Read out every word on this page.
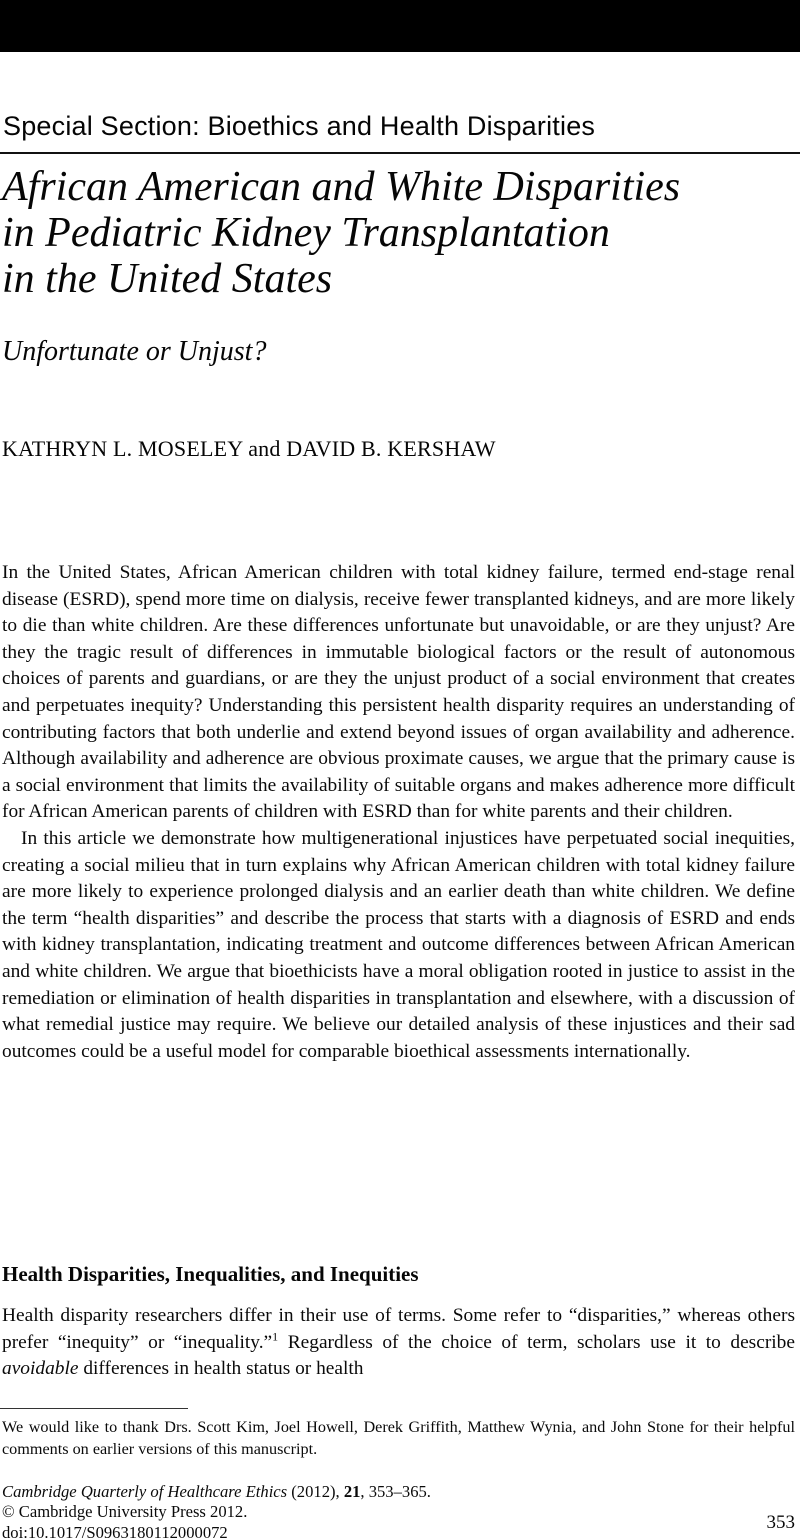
Special Section: Bioethics and Health Disparities
African American and White Disparities
in Pediatric Kidney Transplantation
in the United States
Unfortunate or Unjust?
KATHRYN L. MOSELEY and DAVID B. KERSHAW

In the United States, African American children with total kidney failure, termed end-stage renal disease (ESRD), spend more time on dialysis, receive fewer transplanted kidneys, and are more likely to die than white children. Are these differences unfortunate but unavoidable, or are they unjust? Are they the tragic result of differences in immutable biological factors or the result of autonomous choices of parents and guardians, or are they the unjust product of a social environment that creates and perpetuates inequity? Understanding this persistent health disparity requires an understanding of contributing factors that both underlie and extend beyond issues of organ availability and adherence. Although availability and adherence are obvious proximate causes, we argue that the primary cause is a social environment that limits the availability of suitable organs and makes adherence more difficult for African American parents of children with ESRD than for white parents and their children.

In this article we demonstrate how multigenerational injustices have perpetuated social inequities, creating a social milieu that in turn explains why African American children with total kidney failure are more likely to experience prolonged dialysis and an earlier death than white children. We define the term “health disparities” and describe the process that starts with a diagnosis of ESRD and ends with kidney transplantation, indicating treatment and outcome differences between African American and white children. We argue that bioethicists have a moral obligation rooted in justice to assist in the remediation or elimination of health disparities in transplantation and elsewhere, with a discussion of what remedial justice may require. We believe our detailed analysis of these injustices and their sad outcomes could be a useful model for comparable bioethical assessments internationally.

Health Disparities, Inequalities, and Inequities

Health disparity researchers differ in their use of terms. Some refer to “disparities,” whereas others prefer “inequity” or “inequality.”$^1$ Regardless of the choice of term, scholars use it to describe avoidable differences in health status or health

We would like to thank Drs. Scott Kim, Joel Howell, Derek Griffith, Matthew Wynia, and John Stone for their helpful comments on earlier versions of this manuscript.

Cambridge Quarterly of Healthcare Ethics (2012), 21, 353–365.
© Cambridge University Press 2012.
doi:10.1017/S0963180112000072	353
